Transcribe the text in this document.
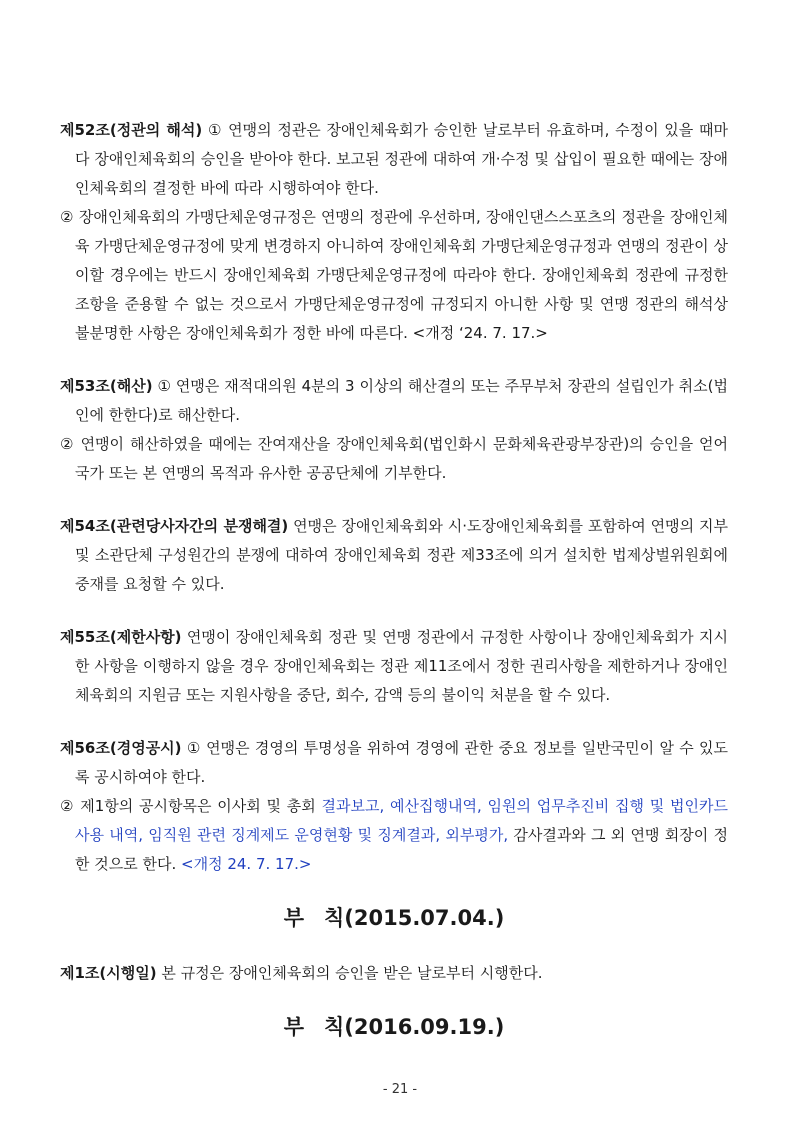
제52조(정관의 해석) ① 연맹의 정관은 장애인체육회가 승인한 날로부터 유효하며, 수정이 있을 때마다 장애인체육회의 승인을 받아야 한다. 보고된 정관에 대하여 개·수정 및 삽입이 필요한 때에는 장애인체육회의 결정한 바에 따라 시행하여야 한다.

② 장애인체육회의 가맹단체운영규정은 연맹의 정관에 우선하며, 장애인댄스스포츠의 정관을 장애인체육 가맹단체운영규정에 맞게 변경하지 아니하여 장애인체육회 가맹단체운영규정과 연맹의 정관이 상이할 경우에는 반드시 장애인체육회 가맹단체운영규정에 따라야 한다. 장애인체육회 정관에 규정한 조항을 준용할 수 없는 것으로서 가맹단체운영규정에 규정되지 아니한 사항 및 연맹 정관의 해석상 불분명한 사항은 장애인체육회가 정한 바에 따른다. <개정 ‘24. 7. 17.>

제53조(해산) ① 연맹은 재적대의원 4분의 3 이상의 해산결의 또는 주무부처 장관의 설립인가 취소(법인에 한한다)로 해산한다.

② 연맹이 해산하였을 때에는 잔여재산을 장애인체육회(법인화시 문화체육관광부장관)의 승인을 얻어 국가 또는 본 연맹의 목적과 유사한 공공단체에 기부한다.

제54조(관련당사자간의 분쟁해결) 연맹은 장애인체육회와 시·도장애인체육회를 포함하여 연맹의 지부 및 소관단체 구성원간의 분쟁에 대하여 장애인체육회 정관 제33조에 의거 설치한 법제상벌위원회에 중재를 요청할 수 있다.

제55조(제한사항) 연맹이 장애인체육회 정관 및 연맹 정관에서 규정한 사항이나 장애인체육회가 지시한 사항을 이행하지 않을 경우 장애인체육회는 정관 제11조에서 정한 권리사항을 제한하거나 장애인체육회의 지원금 또는 지원사항을 중단, 회수, 감액 등의 불이익 처분을 할 수 있다.

제56조(경영공시) ① 연맹은 경영의 투명성을 위하여 경영에 관한 중요 정보를 일반국민이 알 수 있도록 공시하여야 한다.

② 제1항의 공시항목은 이사회 및 총회 결과보고, 예산집행내역, 임원의 업무추진비 집행 및 법인카드 사용 내역, 임직원 관련 징계제도 운영현황 및 징계결과, 외부평가, 감사결과와 그 외 연맹 회장이 정한 것으로 한다. <개정 24. 7. 17.>

부 칙(2015.07.04.)

제1조(시행일) 본 규정은 장애인체육회의 승인을 받은 날로부터 시행한다.

부 칙(2016.09.19.)
- 21 -
